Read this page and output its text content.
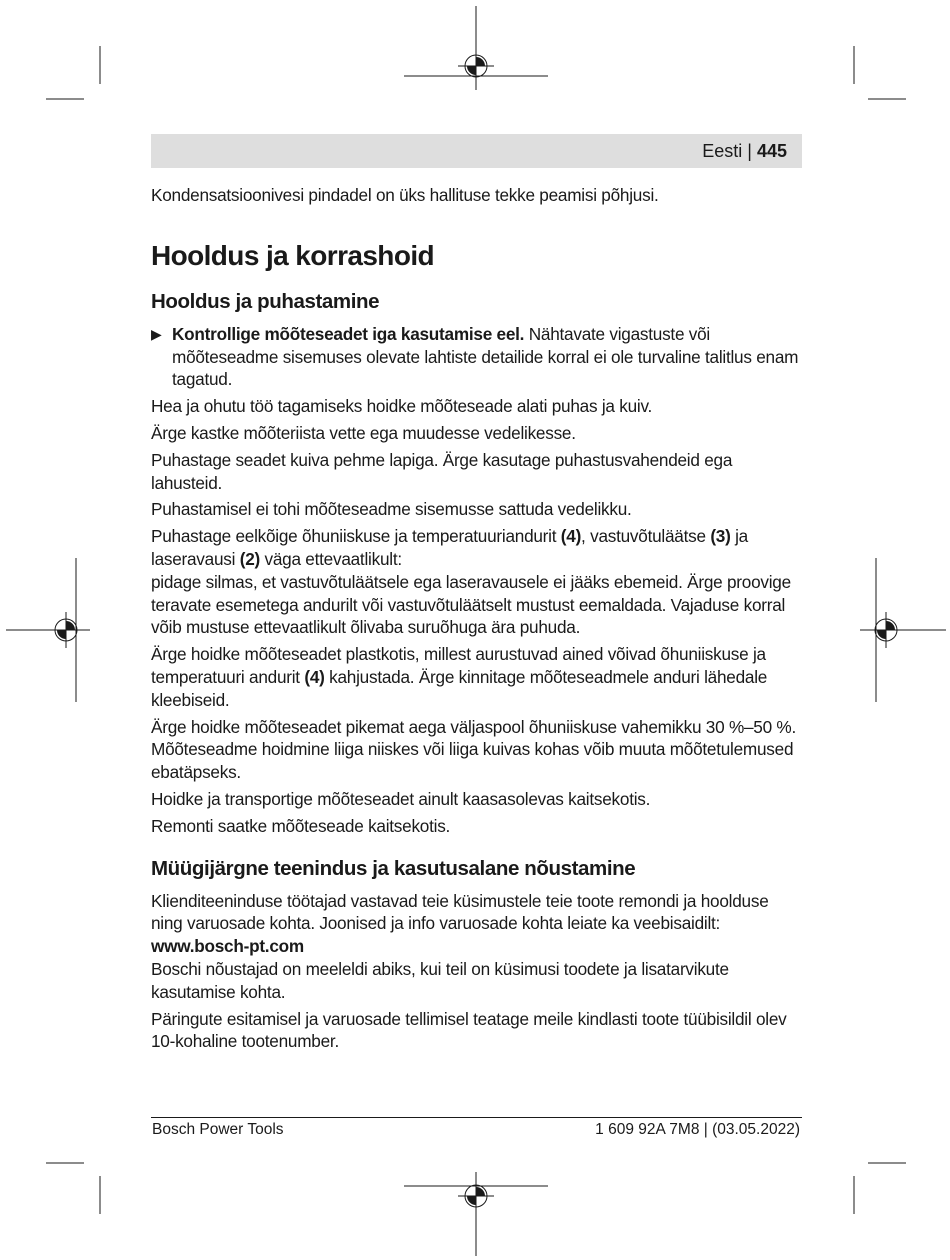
Eesti | 445

Kondensatsioonivesi pindadel on üks hallituse tekke peamisi põhjusi.

Hooldus ja korrashoid
Hooldus ja puhastamine
▶ Kontrollige mõõteseadet iga kasutamise eel. Nähtavate vigastuste või mõõteseadme sisemuses olevate lahtiste detailide korral ei ole turvaline talitlus enam tagatud.

Hea ja ohutu töö tagamiseks hoidke mõõteseade alati puhas ja kuiv.

Ärge kastke mõõteriista vette ega muudesse vedelikesse.

Puhastage seadet kuiva pehme lapiga. Ärge kasutage puhastusvahendeid ega lahusteid.

Puhastamisel ei tohi mõõteseadme sisemusse sattuda vedelikku.

Puhastage eelkõige õhuniiskuse ja temperatuuriandurit (4), vastuvõtuläätse (3) ja laseravausi (2) väga ettevaatlikult:

pidage silmas, et vastuvõtuläätsele ega laseravausele ei jääks ebemeid. Ärge proovige teravate esemetega andurilt või vastuvõtuläätselt mustust eemaldada. Vajaduse korral võib mustuse ettevaatlikult õlivaba suruõhuga ära puhuda.

Ärge hoidke mõõteseadet plastkotis, millest aurustuvad ained võivad õhuniiskuse ja temperatuuri andurit (4) kahjustada. Ärge kinnitage mõõteseadmele anduri lähedale kleebiseid.

Ärge hoidke mõõteseadet pikemat aega väljaspool õhuniiskuse vahemikku 30 %–50 %. Mõõteseadme hoidmine liiga niiskes või liiga kuivas kohas võib muuta mõõtetulemused ebatäpseks.

Hoidke ja transportige mõõteseadet ainult kaasasolevas kaitsekotis.

Remonti saatke mõõteseade kaitsekotis.

Müügijärgne teenindus ja kasutusalane nõustamine

Klienditeeninduse töötajad vastavad teie küsimustele teie toote remondi ja hoolduse ning varuosade kohta. Joonised ja info varuosade kohta leiate ka veebisaidilt:
www.bosch-pt.com

Boschi nõustajad on meeleldi abiks, kui teil on küsimusi toodete ja lisatarvikute kasutamise kohta.

Päringute esitamisel ja varuosade tellimisel teatage meile kindlasti toote tüübisildil olev 10-kohaline tootenumber.

Bosch Power Tools	1 609 92A 7M8 | (03.05.2022)
